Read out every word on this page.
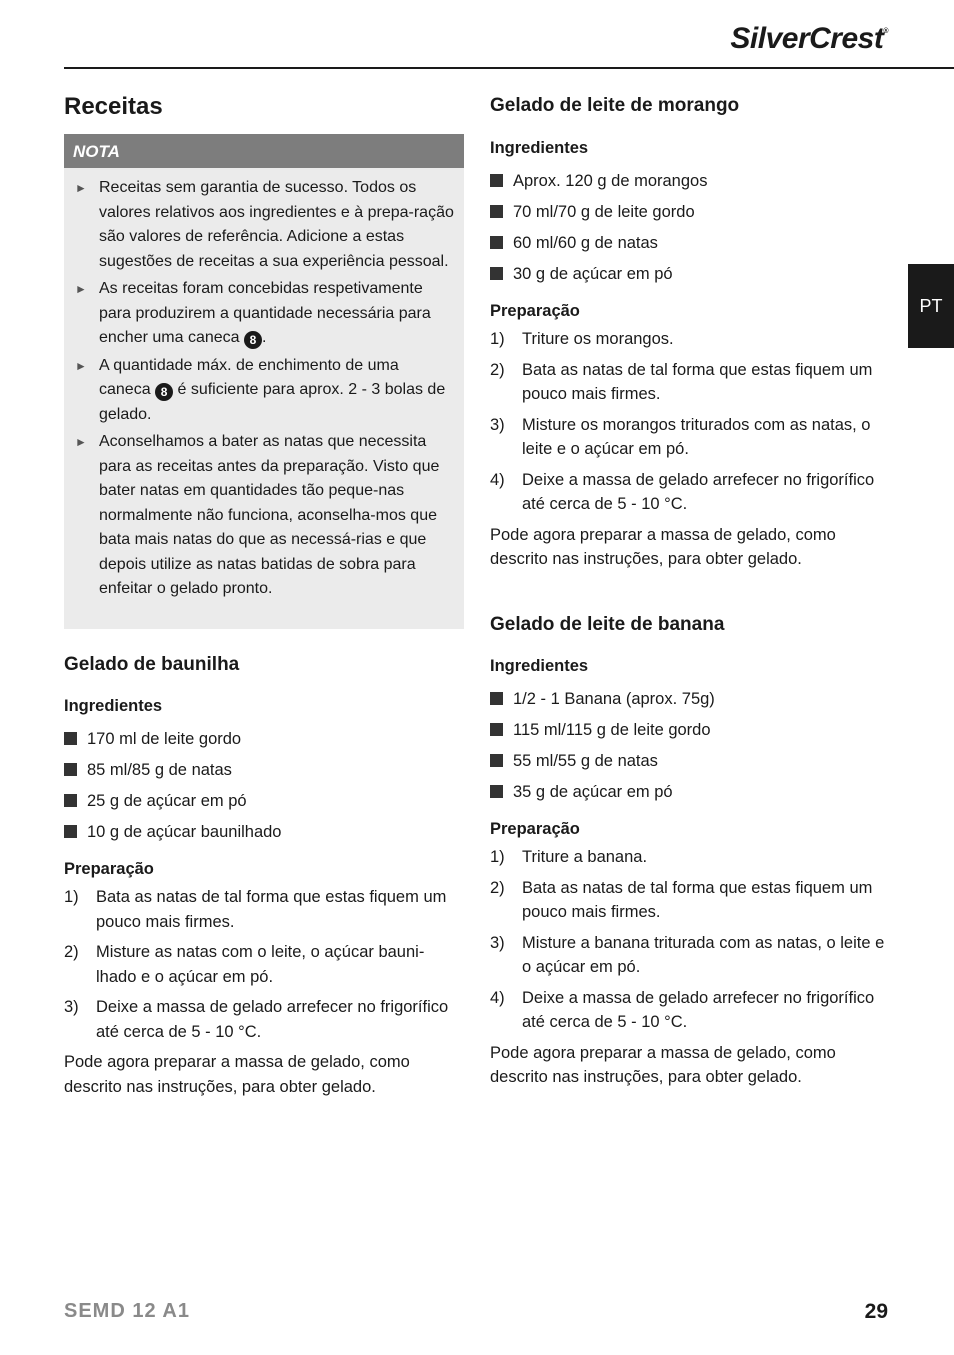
SilverCrest®
PT
Receitas
NOTA
► Receitas sem garantia de sucesso. Todos os valores relativos aos ingredientes e à prepa-ração são valores de referência. Adicione a estas sugestões de receitas a sua experiência pessoal.
► As receitas foram concebidas respetivamente para produzirem a quantidade necessária para encher uma caneca 8 .
► A quantidade máx. de enchimento de uma caneca 8 é suficiente para aprox. 2 - 3 bolas de gelado.
► Aconselhamos a bater as natas que necessita para as receitas antes da preparação. Visto que bater natas em quantidades tão peque-nas normalmente não funciona, aconselha-mos que bata mais natas do que as necessá-rias e que depois utilize as natas batidas de sobra para enfeitar o gelado pronto.
Gelado de baunilha
Ingredientes
170 ml de leite gordo
85 ml/85 g de natas
25 g de açúcar em pó
10 g de açúcar baunilhado
Preparação
1) Bata as natas de tal forma que estas fiquem um pouco mais firmes.
2) Misture as natas com o leite, o açúcar bauni-lhado e o açúcar em pó.
3) Deixe a massa de gelado arrefecer no frigorífico até cerca de 5 - 10 °C.

Pode agora preparar a massa de gelado, como descrito nas instruções, para obter gelado.

Gelado de leite de morango
Ingredientes
Aprox. 120 g de morangos
70 ml/70 g de leite gordo
60 ml/60 g de natas
30 g de açúcar em pó
Preparação
1) Triture os morangos.
2) Bata as natas de tal forma que estas fiquem um pouco mais firmes.
3) Misture os morangos triturados com as natas, o leite e o açúcar em pó.
4) Deixe a massa de gelado arrefecer no frigorífico até cerca de 5 - 10 °C.

Pode agora preparar a massa de gelado, como descrito nas instruções, para obter gelado.

Gelado de leite de banana
Ingredientes
1/2 - 1 Banana (aprox. 75g)
115 ml/115 g de leite gordo
55 ml/55 g de natas
35 g de açúcar em pó
Preparação
1) Triture a banana.
2) Bata as natas de tal forma que estas fiquem um pouco mais firmes.
3) Misture a banana triturada com as natas, o leite e o açúcar em pó.
4) Deixe a massa de gelado arrefecer no frigorífico até cerca de 5 - 10 °C.

Pode agora preparar a massa de gelado, como descrito nas instruções, para obter gelado.

SEMD 12 A1	29
